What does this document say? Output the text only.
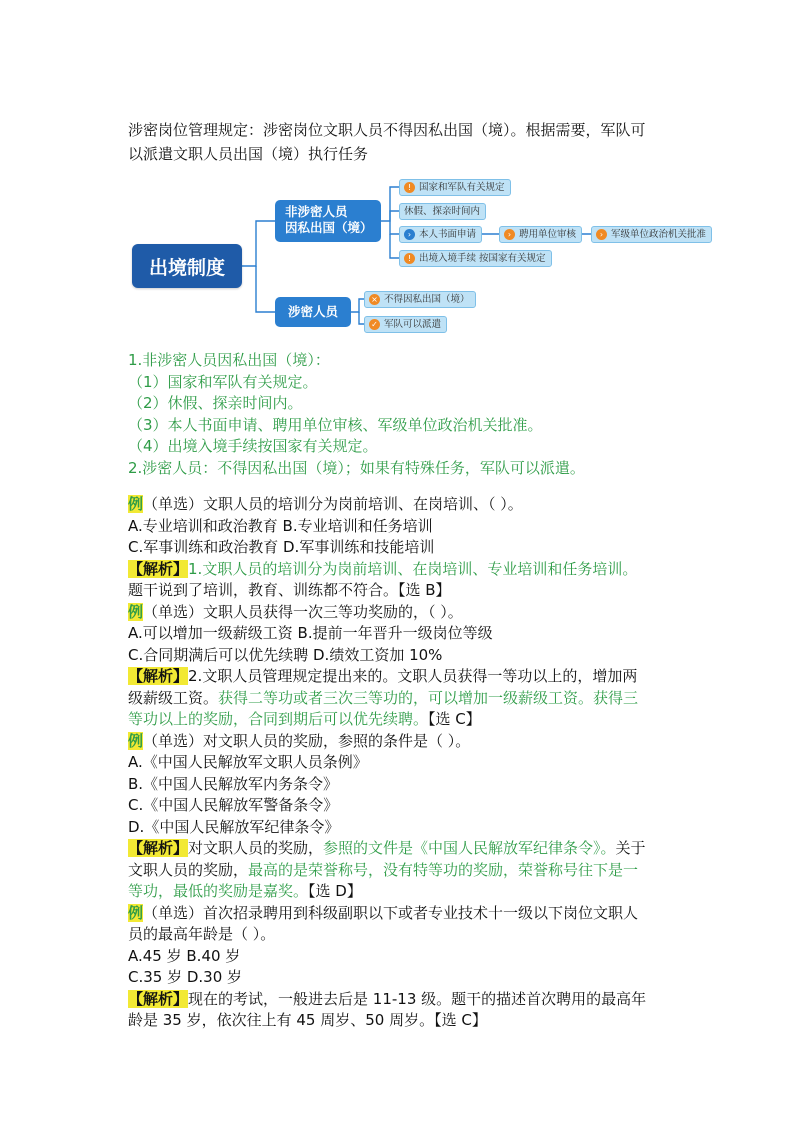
涉密岗位管理规定：涉密岗位文职人员不得因私出国（境）。根据需要，军队可

以派遣文职人员出国（境）执行任务

出境制度
非涉密人员
因私出国（境）
涉密人员
! 国家和军队有关规定
休假、探亲时间内
› 本人书面申请	› 聘用单位审核	› 军级单位政治机关批准
! 出境入境手续 按国家有关规定
× 不得因私出国（境）
✓ 军队可以派遣

1.非涉密人员因私出国（境）：

（1）国家和军队有关规定。

（2）休假、探亲时间内。

（3）本人书面申请、聘用单位审核、军级单位政治机关批准。

（4）出境入境手续按国家有关规定。

2.涉密人员：不得因私出国（境）；如果有特殊任务，军队可以派遣。

例（单选）文职人员的培训分为岗前培训、在岗培训、（ ）。

A.专业培训和政治教育 B.专业培训和任务培训

C.军事训练和政治教育 D.军事训练和技能培训

【解析】1.文职人员的培训分为岗前培训、在岗培训、专业培训和任务培训。

题干说到了培训，教育、训练都不符合。【选 B】

例（单选）文职人员获得一次三等功奖励的，（ ）。

A.可以增加一级薪级工资 B.提前一年晋升一级岗位等级

C.合同期满后可以优先续聘 D.绩效工资加 10%

【解析】2.文职人员管理规定提出来的。文职人员获得一等功以上的，增加两

级薪级工资。获得二等功或者三次三等功的，可以增加一级薪级工资。获得三

等功以上的奖励，合同到期后可以优先续聘。【选 C】

例（单选）对文职人员的奖励，参照的条件是（ ）。

A.《中国人民解放军文职人员条例》

B.《中国人民解放军内务条令》

C.《中国人民解放军警备条令》

D.《中国人民解放军纪律条令》

【解析】对文职人员的奖励，参照的文件是《中国人民解放军纪律条令》。关于

文职人员的奖励，最高的是荣誉称号，没有特等功的奖励，荣誉称号往下是一

等功，最低的奖励是嘉奖。【选 D】

例（单选）首次招录聘用到科级副职以下或者专业技术十一级以下岗位文职人

员的最高年龄是（ ）。

A.45 岁 B.40 岁

C.35 岁 D.30 岁

【解析】现在的考试，一般进去后是 11-13 级。题干的描述首次聘用的最高年

龄是 35 岁，依次往上有 45 周岁、50 周岁。【选 C】
